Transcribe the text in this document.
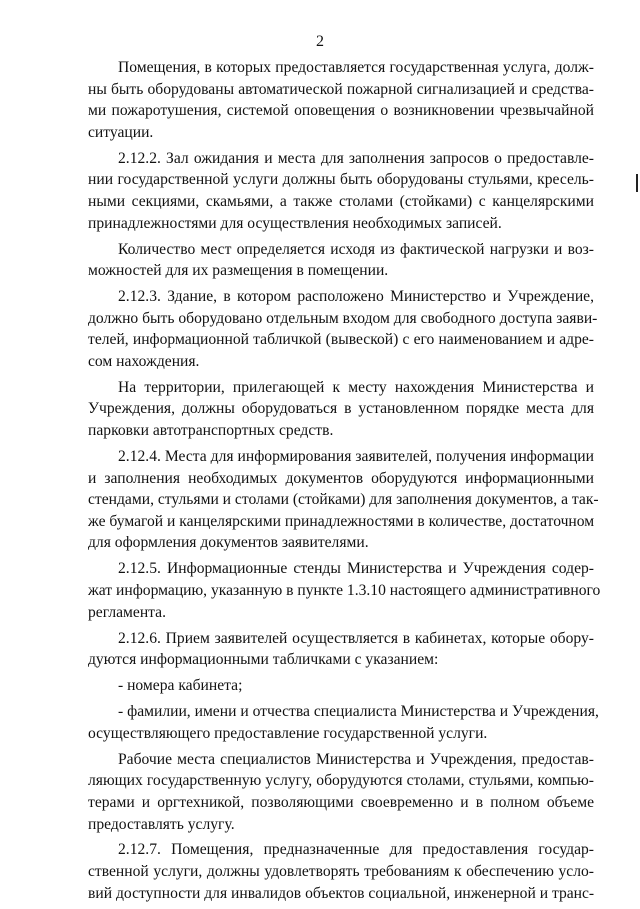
2
Помещения, в которых предоставляется государственная услуга, долж-
ны быть оборудованы автоматической пожарной сигнализацией и средства-
ми пожаротушения, системой оповещения о возникновении чрезвычайной
ситуации.
2.12.2. Зал ожидания и места для заполнения запросов о предоставле-
нии государственной услуги должны быть оборудованы стульями, кресель-
ными секциями, скамьями, а также столами (стойками) с канцелярскими
принадлежностями для осуществления необходимых записей.
Количество мест определяется исходя из фактической нагрузки и воз-
можностей для их размещения в помещении.
2.12.3. Здание, в котором расположено Министерство и Учреждение,
должно быть оборудовано отдельным входом для свободного доступа заяви-
телей, информационной табличкой (вывеской) с его наименованием и адре-
сом нахождения.
На территории, прилегающей к месту нахождения Министерства и
Учреждения, должны оборудоваться в установленном порядке места для
парковки автотранспортных средств.
2.12.4. Места для информирования заявителей, получения информации
и заполнения необходимых документов оборудуются информационными
стендами, стульями и столами (стойками) для заполнения документов, а так-
же бумагой и канцелярскими принадлежностями в количестве, достаточном
для оформления документов заявителями.
2.12.5. Информационные стенды Министерства и Учреждения содер-
жат информацию, указанную в пункте 1.3.10 настоящего административного
регламента.
2.12.6. Прием заявителей осуществляется в кабинетах, которые обору-
дуются информационными табличками с указанием:
- номера кабинета;
- фамилии, имени и отчества специалиста Министерства и Учреждения,
осуществляющего предоставление государственной услуги.
Рабочие места специалистов Министерства и Учреждения, предостав-
ляющих государственную услугу, оборудуются столами, стульями, компью-
терами и оргтехникой, позволяющими своевременно и в полном объеме
предоставлять услугу.
2.12.7. Помещения, предназначенные для предоставления государ-
ственной услуги, должны удовлетворять требованиям к обеспечению усло-
вий доступности для инвалидов объектов социальной, инженерной и транс-
